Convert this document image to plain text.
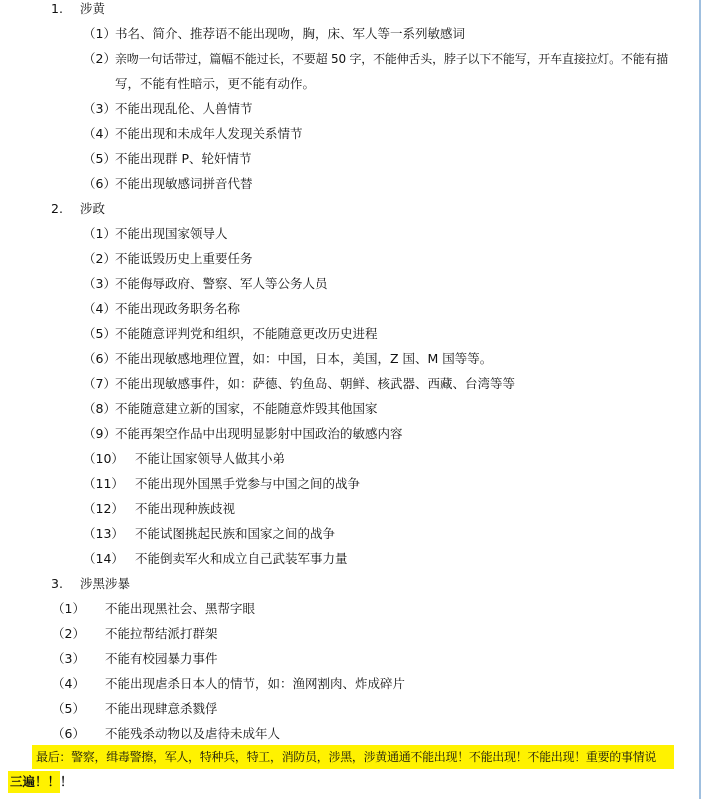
1. 涉黄
（1） 书名、简介、推荐语不能出现吻，胸，床、军人等一系列敏感词
（2） 亲吻一句话带过，篇幅不能过长，不要超 50 字，不能伸舌头，脖子以下不能写，开车直接拉灯。不能有描
写，不能有性暗示，更不能有动作。
（3） 不能出现乱伦、人兽情节
（4） 不能出现和未成年人发现关系情节
（5） 不能出现群 P、轮奸情节
（6） 不能出现敏感词拼音代替
2. 涉政
（1） 不能出现国家领导人
（2） 不能诋毁历史上重要任务
（3） 不能侮辱政府、警察、军人等公务人员
（4） 不能出现政务职务名称
（5） 不能随意评判党和组织，不能随意更改历史进程
（6） 不能出现敏感地理位置，如：中国，日本，美国，Z 国、M 国等等。
（7） 不能出现敏感事件，如：萨德、钓鱼岛、朝鲜、核武器、西藏、台湾等等
（8） 不能随意建立新的国家，不能随意炸毁其他国家
（9） 不能再架空作品中出现明显影射中国政治的敏感内容
（10） 不能让国家领导人做其小弟
（11） 不能出现外国黑手党参与中国之间的战争
（12） 不能出现种族歧视
（13） 不能试图挑起民族和国家之间的战争
（14） 不能倒卖军火和成立自己武装军事力量
3. 涉黑涉暴
（1） 不能出现黑社会、黑帮字眼
（2） 不能拉帮结派打群架
（3） 不能有校园暴力事件
（4） 不能出现虐杀日本人的情节，如：渔网割肉、炸成碎片
（5） 不能出现肆意杀戮俘
（6） 不能残杀动物以及虐待未成年人
最后：警察，缉毒警擦，军人，特种兵，特工，消防员，涉黑，涉黄通通不能出现！不能出现！不能出现！重要的事情说
三遍！！！
